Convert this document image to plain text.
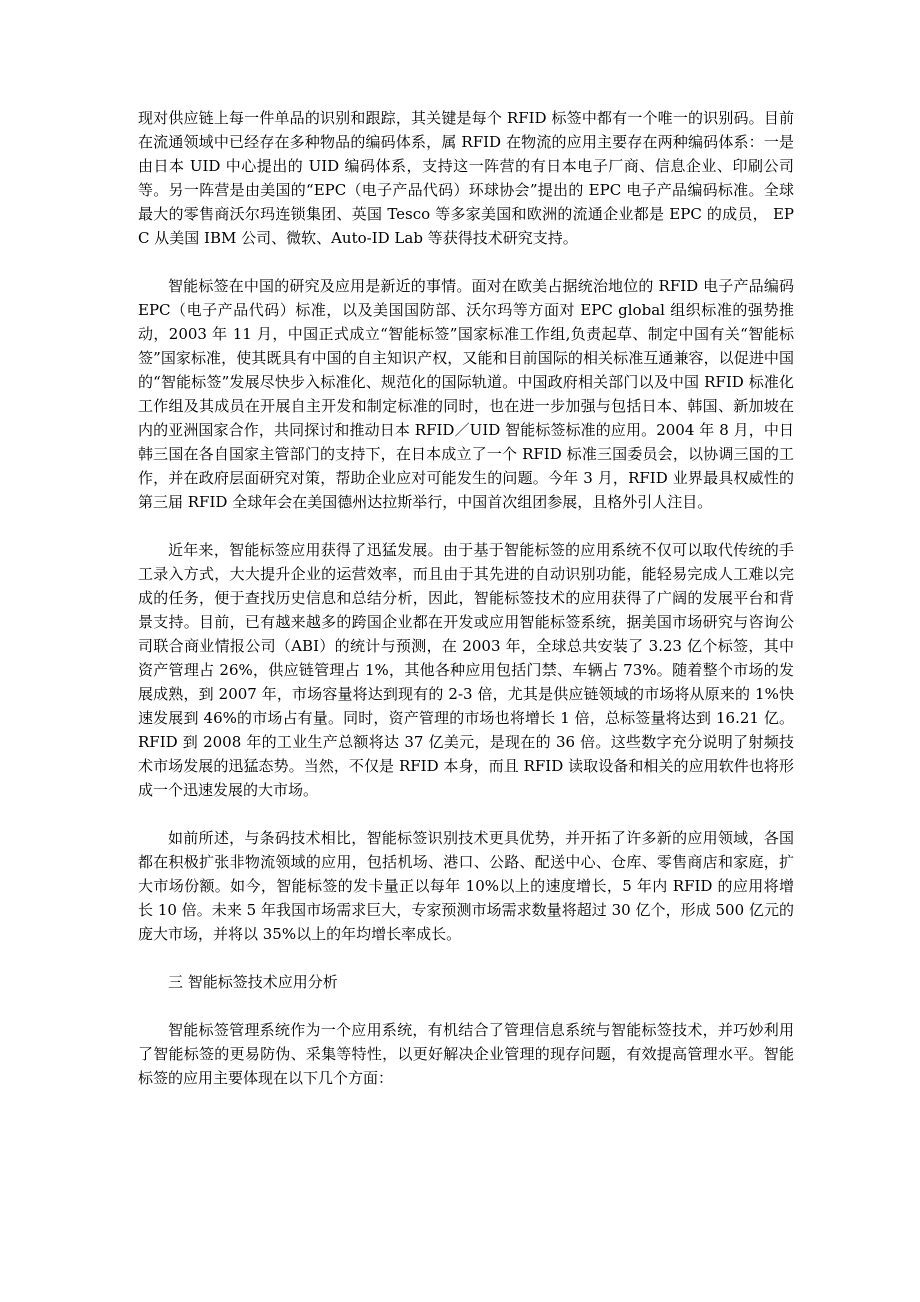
现对供应链上每一件单品的识别和跟踪，其关键是每个 RFID 标签中都有一个唯一的识别码。目前在流通领域中已经存在多种物品的编码体系，属 RFID 在物流的应用主要存在两种编码体系：一是由日本 UID 中心提出的 UID 编码体系，支持这一阵营的有日本电子厂商、信息企业、印刷公司等。另一阵营是由美国的“EPC（电子产品代码）环球协会”提出的 EPC 电子产品编码标准。全球最大的零售商沃尔玛连锁集团、英国 Tesco 等多家美国和欧洲的流通企业都是 EPC 的成员， EPC 从美国 IBM 公司、微软、Auto-ID Lab 等获得技术研究支持。

智能标签在中国的研究及应用是新近的事情。面对在欧美占据统治地位的 RFID 电子产品编码 EPC（电子产品代码）标准，以及美国国防部、沃尔玛等方面对 EPC global 组织标准的强势推动，2003 年 11 月，中国正式成立“智能标签”国家标准工作组,负责起草、制定中国有关“智能标签”国家标准，使其既具有中国的自主知识产权，又能和目前国际的相关标准互通兼容，以促进中国的“智能标签”发展尽快步入标准化、规范化的国际轨道。中国政府相关部门以及中国 RFID 标准化工作组及其成员在开展自主开发和制定标准的同时，也在进一步加强与包括日本、韩国、新加坡在内的亚洲国家合作，共同探讨和推动日本 RFID／UID 智能标签标准的应用。2004 年 8 月，中日韩三国在各自国家主管部门的支持下，在日本成立了一个 RFID 标准三国委员会，以协调三国的工作，并在政府层面研究对策，帮助企业应对可能发生的问题。今年 3 月，RFID 业界最具权威性的第三届 RFID 全球年会在美国德州达拉斯举行，中国首次组团参展，且格外引人注目。

近年来，智能标签应用获得了迅猛发展。由于基于智能标签的应用系统不仅可以取代传统的手工录入方式，大大提升企业的运营效率，而且由于其先进的自动识别功能，能轻易完成人工难以完成的任务，便于查找历史信息和总结分析，因此，智能标签技术的应用获得了广阔的发展平台和背景支持。目前，已有越来越多的跨国企业都在开发或应用智能标签系统，据美国市场研究与咨询公司联合商业情报公司（ABI）的统计与预测，在 2003 年，全球总共安装了 3.23 亿个标签，其中资产管理占 26%，供应链管理占 1%，其他各种应用包括门禁、车辆占 73%。随着整个市场的发展成熟，到 2007 年，市场容量将达到现有的 2-3 倍，尤其是供应链领域的市场将从原来的 1%快速发展到 46%的市场占有量。同时，资产管理的市场也将增长 1 倍，总标签量将达到 16.21 亿。RFID 到 2008 年的工业生产总额将达 37 亿美元，是现在的 36 倍。这些数字充分说明了射频技术市场发展的迅猛态势。当然，不仅是 RFID 本身，而且 RFID 读取设备和相关的应用软件也将形成一个迅速发展的大市场。

如前所述，与条码技术相比，智能标签识别技术更具优势，并开拓了许多新的应用领域，各国都在积极扩张非物流领域的应用，包括机场、港口、公路、配送中心、仓库、零售商店和家庭，扩大市场份额。如今，智能标签的发卡量正以每年 10%以上的速度增长，5 年内 RFID 的应用将增长 10 倍。未来 5 年我国市场需求巨大，专家预测市场需求数量将超过 30 亿个，形成 500 亿元的庞大市场，并将以 35%以上的年均增长率成长。

三 智能标签技术应用分析

智能标签管理系统作为一个应用系统，有机结合了管理信息系统与智能标签技术，并巧妙利用了智能标签的更易防伪、采集等特性，以更好解决企业管理的现存问题，有效提高管理水平。智能标签的应用主要体现在以下几个方面：
